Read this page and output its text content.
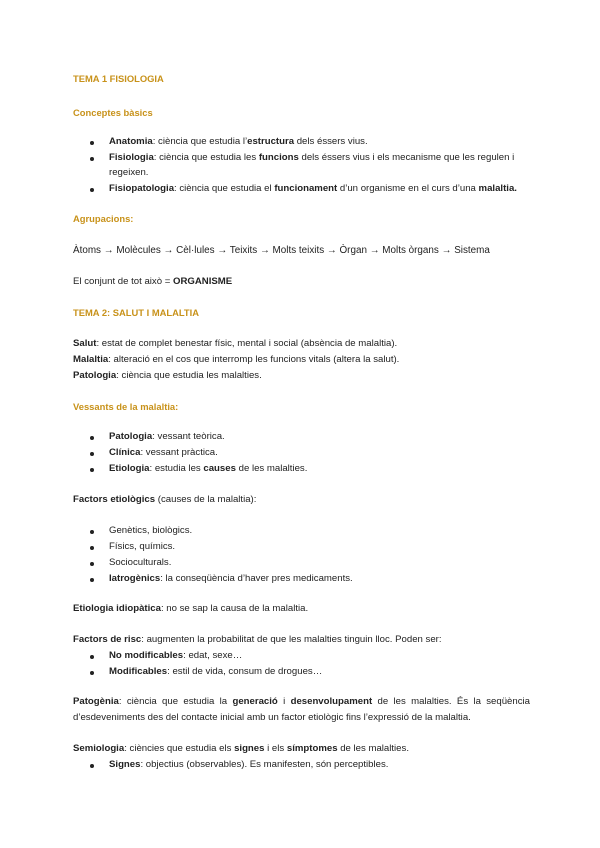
TEMA 1 FISIOLOGIA
Conceptes bàsics
Anatomia: ciència que estudia l’estructura dels éssers vius.
Fisiologia: ciència que estudia les funcions dels éssers vius i els mecanisme que les regulen i
regeixen.
Fisiopatologia: ciència que estudia el funcionament d’un organisme en el curs d’una malaltia.
Agrupacions:
Àtoms → Molècules → Cèl·lules → Teixits → Molts teixits → Òrgan → Molts òrgans → Sistema
El conjunt de tot això = ORGANISME
TEMA 2: SALUT I MALALTIA
Salut: estat de complet benestar físic, mental i social (absència de malaltia).
Malaltia: alteració en el cos que interromp les funcions vitals (altera la salut).
Patologia: ciència que estudia les malalties.
Vessants de la malaltia:
Patologia: vessant teòrica.
Clínica: vessant pràctica.
Etiologia: estudia les causes de les malalties.
Factors etiològics (causes de la malaltia):
Genètics, biològics.
Físics, químics.
Socioculturals.
Iatrogènics: la conseqüència d’haver pres medicaments.
Etiologia idiopàtica: no se sap la causa de la malaltia.
Factors de risc: augmenten la probabilitat de que les malalties tinguin lloc. Poden ser:
No modificables: edat, sexe…
Modificables: estil de vida, consum de drogues…
Patogènia: ciència que estudia la generació i desenvolupament de les malalties. És la seqüència
d’esdeveniments des del contacte inicial amb un factor etiològic fins l’expressió de la malaltia.
Semiologia: ciències que estudia els signes i els símptomes de les malalties.
Signes: objectius (observables). Es manifesten, són perceptibles.
